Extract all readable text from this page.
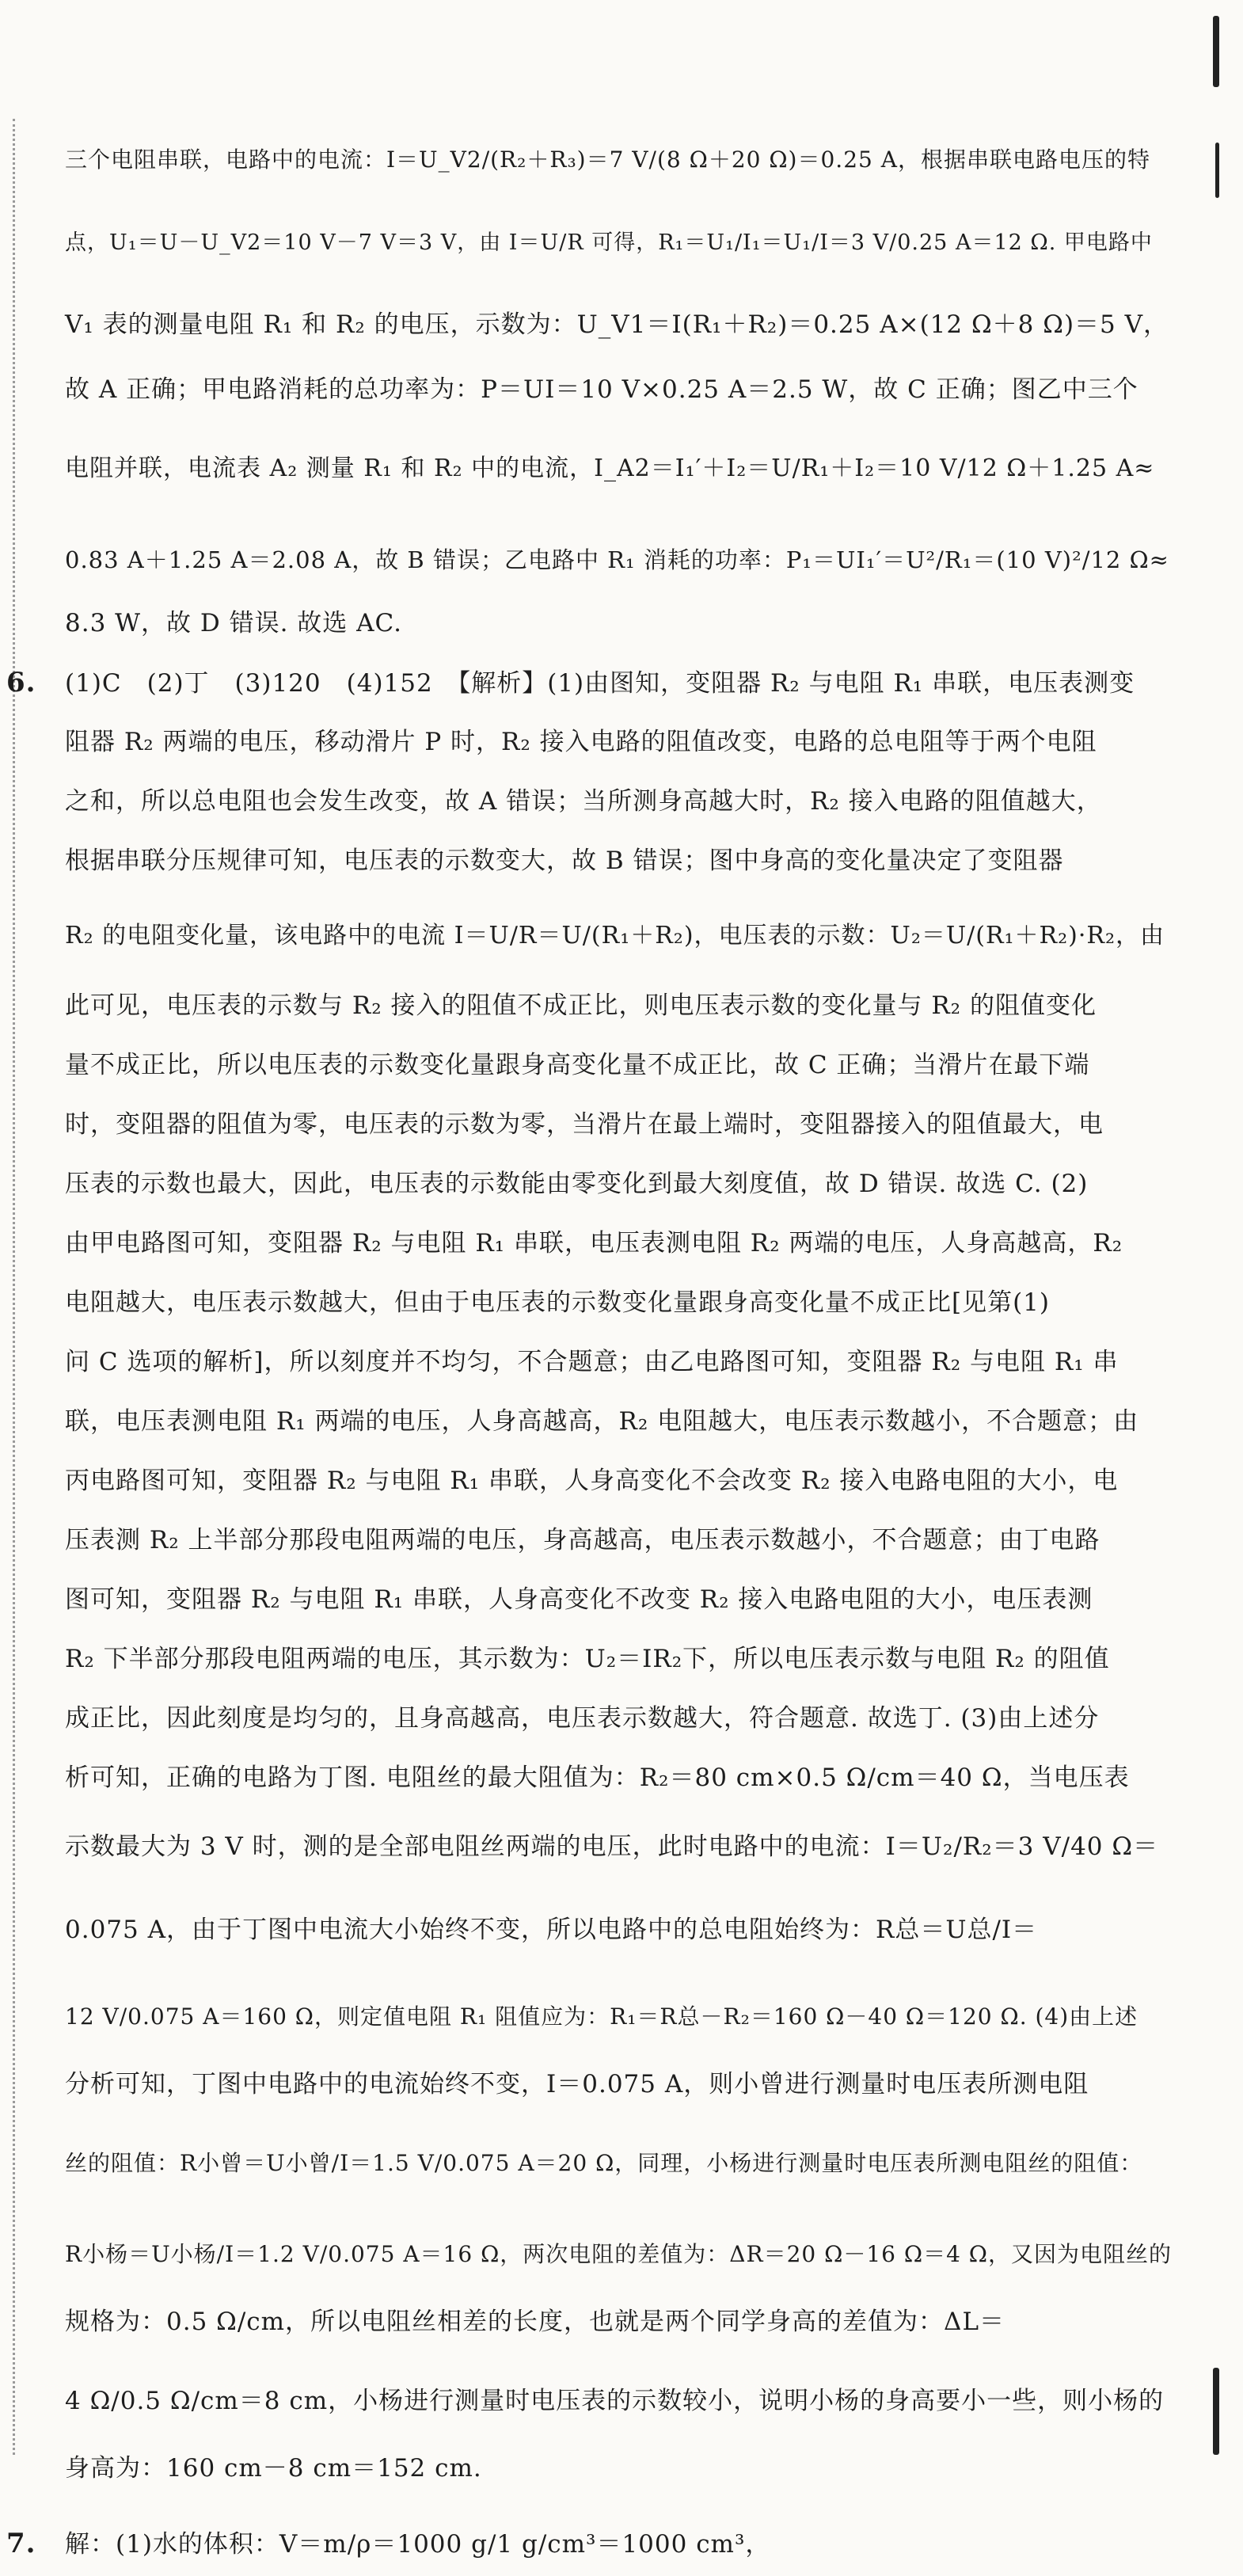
三个电阻串联，电路中的电流：I＝U_V2/(R₂＋R₃)＝7 V/(8 Ω＋20 Ω)＝0.25 A，根据串联电路电压的特
点，U₁＝U－U_V2＝10 V－7 V＝3 V，由 I＝U/R 可得，R₁＝U₁/I₁＝U₁/I＝3 V/0.25 A＝12 Ω. 甲电路中
V₁ 表的测量电阻 R₁ 和 R₂ 的电压，示数为：U_V1＝I(R₁＋R₂)＝0.25 A×(12 Ω＋8 Ω)＝5 V，
故 A 正确；甲电路消耗的总功率为：P＝UI＝10 V×0.25 A＝2.5 W，故 C 正确；图乙中三个
电阻并联，电流表 A₂ 测量 R₁ 和 R₂ 中的电流，I_A2＝I₁′＋I₂＝U/R₁＋I₂＝10 V/12 Ω＋1.25 A≈
0.83 A＋1.25 A＝2.08 A，故 B 错误；乙电路中 R₁ 消耗的功率：P₁＝UI₁′＝U²/R₁＝(10 V)²/12 Ω≈
8.3 W，故 D 错误. 故选 AC.
6. (1)C　(2)丁　(3)120　(4)152　【解析】(1)由图知，变阻器 R₂ 与电阻 R₁ 串联，电压表测变
阻器 R₂ 两端的电压，移动滑片 P 时，R₂ 接入电路的阻值改变，电路的总电阻等于两个电阻
之和，所以总电阻也会发生改变，故 A 错误；当所测身高越大时，R₂ 接入电路的阻值越大，
根据串联分压规律可知，电压表的示数变大，故 B 错误；图中身高的变化量决定了变阻器
R₂ 的电阻变化量，该电路中的电流 I＝U/R＝U/(R₁＋R₂)，电压表的示数：U₂＝U/(R₁＋R₂)·R₂，由
此可见，电压表的示数与 R₂ 接入的阻值不成正比，则电压表示数的变化量与 R₂ 的阻值变化
量不成正比，所以电压表的示数变化量跟身高变化量不成正比，故 C 正确；当滑片在最下端
时，变阻器的阻值为零，电压表的示数为零，当滑片在最上端时，变阻器接入的阻值最大，电
压表的示数也最大，因此，电压表的示数能由零变化到最大刻度值，故 D 错误. 故选 C. (2)
由甲电路图可知，变阻器 R₂ 与电阻 R₁ 串联，电压表测电阻 R₂ 两端的电压，人身高越高，R₂
电阻越大，电压表示数越大，但由于电压表的示数变化量跟身高变化量不成正比[见第(1)
问 C 选项的解析]，所以刻度并不均匀，不合题意；由乙电路图可知，变阻器 R₂ 与电阻 R₁ 串
联，电压表测电阻 R₁ 两端的电压，人身高越高，R₂ 电阻越大，电压表示数越小，不合题意；由
丙电路图可知，变阻器 R₂ 与电阻 R₁ 串联，人身高变化不会改变 R₂ 接入电路电阻的大小，电
压表测 R₂ 上半部分那段电阻两端的电压，身高越高，电压表示数越小，不合题意；由丁电路
图可知，变阻器 R₂ 与电阻 R₁ 串联，人身高变化不改变 R₂ 接入电路电阻的大小，电压表测
R₂ 下半部分那段电阻两端的电压，其示数为：U₂＝IR₂下，所以电压表示数与电阻 R₂ 的阻值
成正比，因此刻度是均匀的，且身高越高，电压表示数越大，符合题意. 故选丁. (3)由上述分
析可知，正确的电路为丁图. 电阻丝的最大阻值为：R₂＝80 cm×0.5 Ω/cm＝40 Ω，当电压表
示数最大为 3 V 时，测的是全部电阻丝两端的电压，此时电路中的电流：I＝U₂/R₂＝3 V/40 Ω＝
0.075 A，由于丁图中电流大小始终不变，所以电路中的总电阻始终为：R总＝U总/I＝
12 V/0.075 A＝160 Ω，则定值电阻 R₁ 阻值应为：R₁＝R总－R₂＝160 Ω－40 Ω＝120 Ω. (4)由上述
分析可知，丁图中电路中的电流始终不变，I＝0.075 A，则小曾进行测量时电压表所测电阻
丝的阻值：R小曾＝U小曾/I＝1.5 V/0.075 A＝20 Ω，同理，小杨进行测量时电压表所测电阻丝的阻值：
R小杨＝U小杨/I＝1.2 V/0.075 A＝16 Ω，两次电阻的差值为：ΔR＝20 Ω－16 Ω＝4 Ω，又因为电阻丝的
规格为：0.5 Ω/cm，所以电阻丝相差的长度，也就是两个同学身高的差值为：ΔL＝
4 Ω/0.5 Ω/cm＝8 cm，小杨进行测量时电压表的示数较小，说明小杨的身高要小一些，则小杨的
身高为：160 cm－8 cm＝152 cm.
7. 解：(1)水的体积：V＝m/ρ＝1000 g/1 g/cm³＝1000 cm³，
